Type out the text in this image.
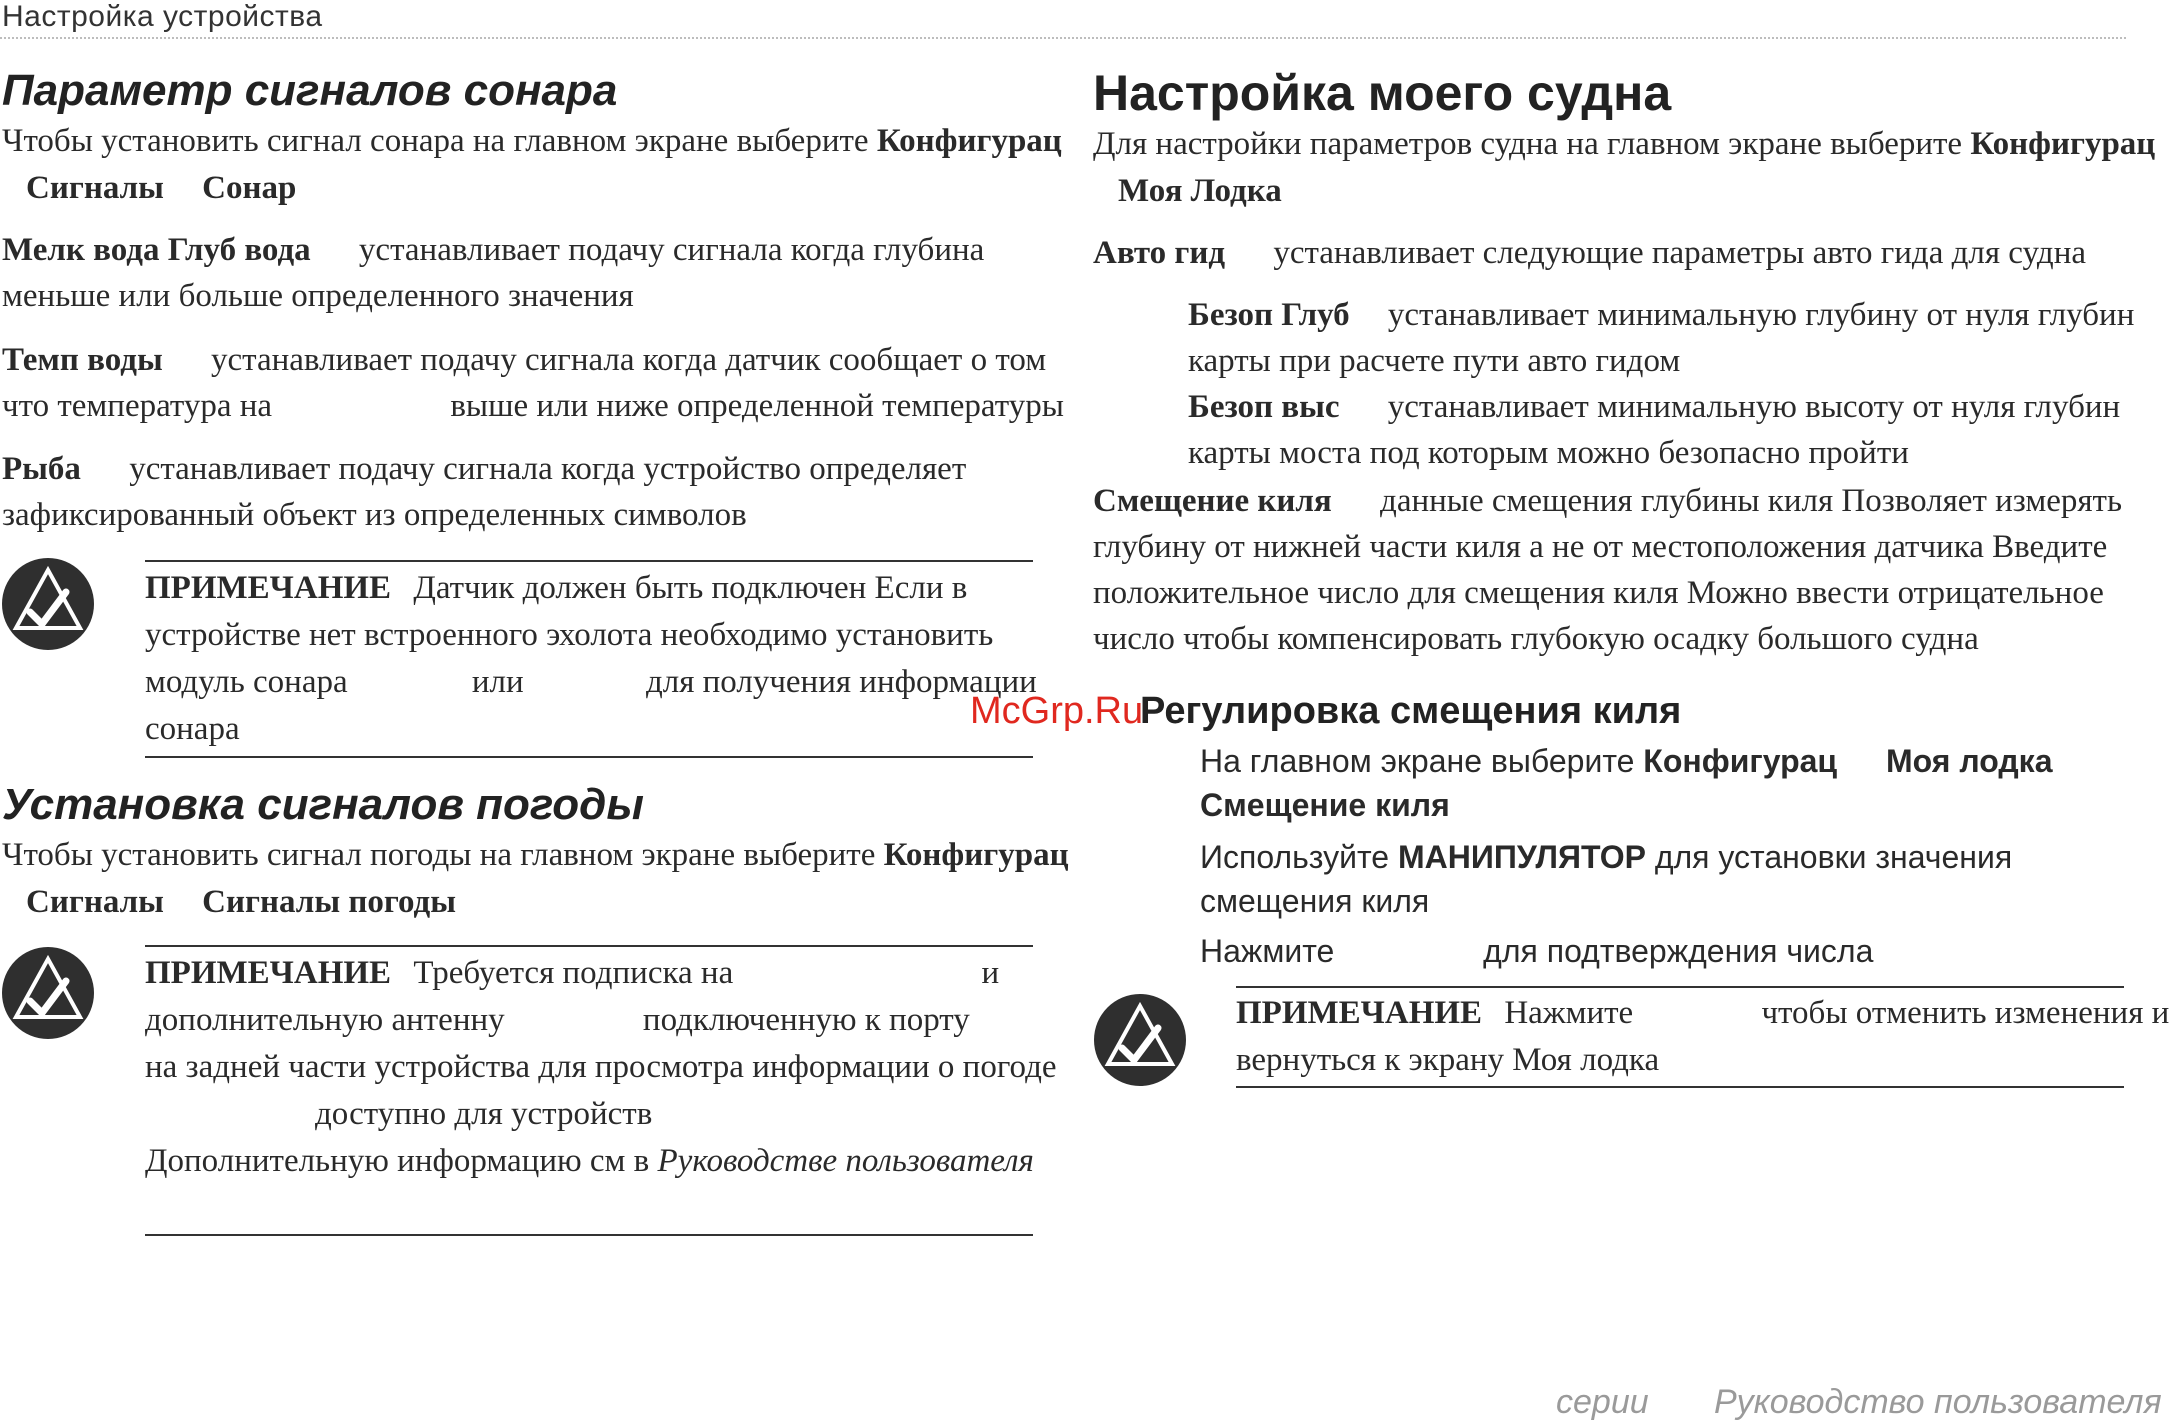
Настройка устройства
Параметр сигналов сонара
Чтобы установить сигнал сонара на главном экране выберите Конфигурац
Сигналы Сонар
Мелк вода Глуб вода устанавливает подачу сигнала когда глубина
меньше или больше определенного значения
Темп воды устанавливает подачу сигнала когда датчик сообщает о том
что температура на	выше или ниже определенной температуры
Рыба устанавливает подачу сигнала когда устройство определяет
зафиксированный объект из определенных символов
ПРИМЕЧАНИЕ Датчик должен быть подключен Если в
устройстве нет встроенного эхолота необходимо установить
модуль сонара	или	для получения информации
сонара
Установка сигналов погоды
Чтобы установить сигнал погоды на главном экране выберите Конфигурац
Сигналы Сигналы погоды
ПРИМЕЧАНИЕ Требуется подписка на	и
дополнительную антенну	подключенную к порту
на задней части устройства для просмотра информации о погоде
доступно для устройств
Дополнительную информацию см в Руководстве пользователя
Настройка моего судна
Для настройки параметров судна на главном экране выберите Конфигурац
Моя Лодка
Авто гид устанавливает следующие параметры авто гида для судна
Безоп Глуб устанавливает минимальную глубину от нуля глубин
карты при расчете пути авто гидом
Безоп выс устанавливает минимальную высоту от нуля глубин
карты моста под которым можно безопасно пройти
Смещение киля данные смещения глубины киля Позволяет измерять
глубину от нижней части киля а не от местоположения датчика Введите
положительное число для смещения киля Можно ввести отрицательное
число чтобы компенсировать глубокую осадку большого судна
Регулировка смещения киля
McGrp.Ru
На главном экране выберите Конфигурац Моя лодка
Смещение киля
Используйте МАНИПУЛЯТОР для установки значения
смещения киля
Нажмите	для подтверждения числа
ПРИМЕЧАНИЕ Нажмите	чтобы отменить изменения и
вернуться к экрану Моя лодка
серии Руководство пользователя
